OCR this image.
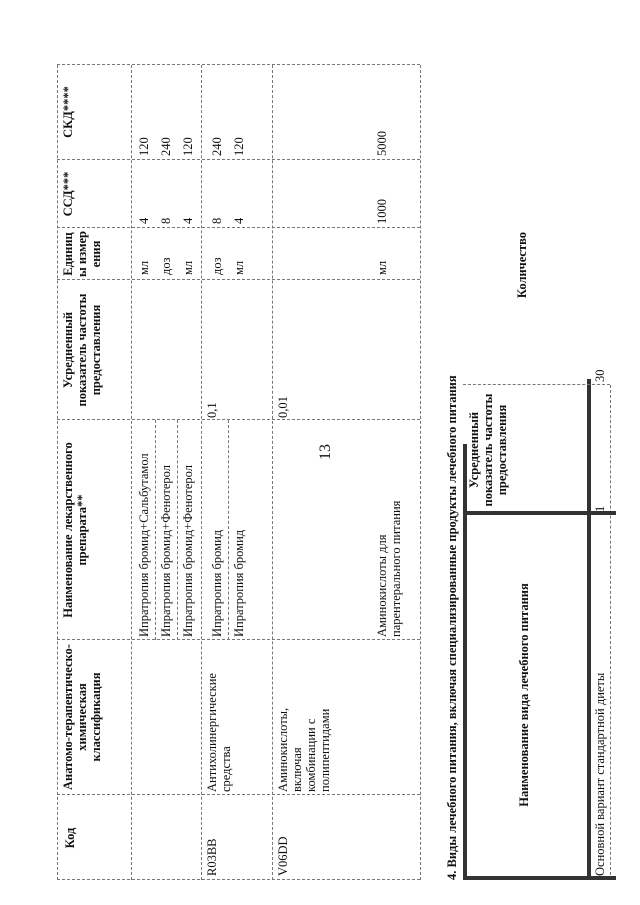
13
Код
Анатомо-терапевтическо-химическая классификация
Наименование лекарственного препарата**
Усредненный показатель частоты предоставления
Единицы измерения
ССД***
СКД****
Ипратропия бромид+Сальбутамол
мл
4
120
Ипратропия бромид+Фенотерол
доз
8
240
Ипратропия бромид+Фенотерол
мл
4
120
R03BB
Антихолинергические средства
0,1
Ипратропия бромид
доз
8
240
Ипратропия бромид
мл
4
120
V06DD
Аминокислоты, включая комбинации с полипептидами
0,01
Аминокислоты для парентерального питания
мл
1000
5000
4. Виды лечебного питания, включая специализированные продукты лечебного питания	Наименование вида лечебного питания
Усредненный показатель частоты предоставления
Количество
Основной вариант стандартной диеты
1
30
